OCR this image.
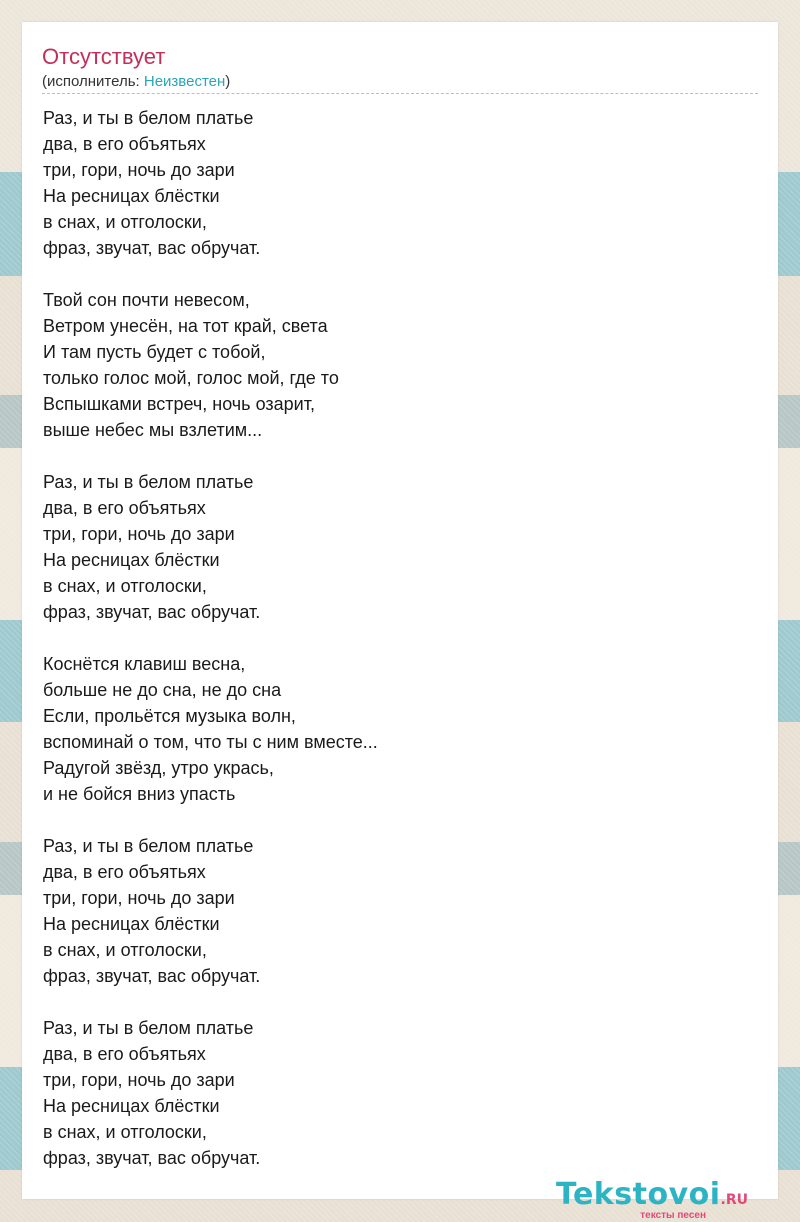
Отсутствует
(исполнитель: Неизвестен)
Раз, и ты в белом платье
два, в его объятьях
три, гори, ночь до зари
На ресницах блёстки
в снах, и отголоски,
фраз, звучат, вас обручат.
Твой сон почти невесом,
Ветром унесён, на тот край, света
И там пусть будет с тобой,
только голос мой, голос мой, где то
Вспышками встреч, ночь озарит,
выше небес мы взлетим...
Раз, и ты в белом платье
два, в его объятьях
три, гори, ночь до зари
На ресницах блёстки
в снах, и отголоски,
фраз, звучат, вас обручат.
Коснётся клавиш весна,
больше не до сна, не до сна
Если, прольётся музыка волн,
вспоминай о том, что ты с ним вместе...
Радугой звёзд, утро укрась,
и не бойся вниз упасть
Раз, и ты в белом платье
два, в его объятьях
три, гори, ночь до зари
На ресницах блёстки
в снах, и отголоски,
фраз, звучат, вас обручат.
Раз, и ты в белом платье
два, в его объятьях
три, гори, ночь до зари
На ресницах блёстки
в снах, и отголоски,
фраз, звучат, вас обручат.
Tekstovoi.RU
тексты песен
